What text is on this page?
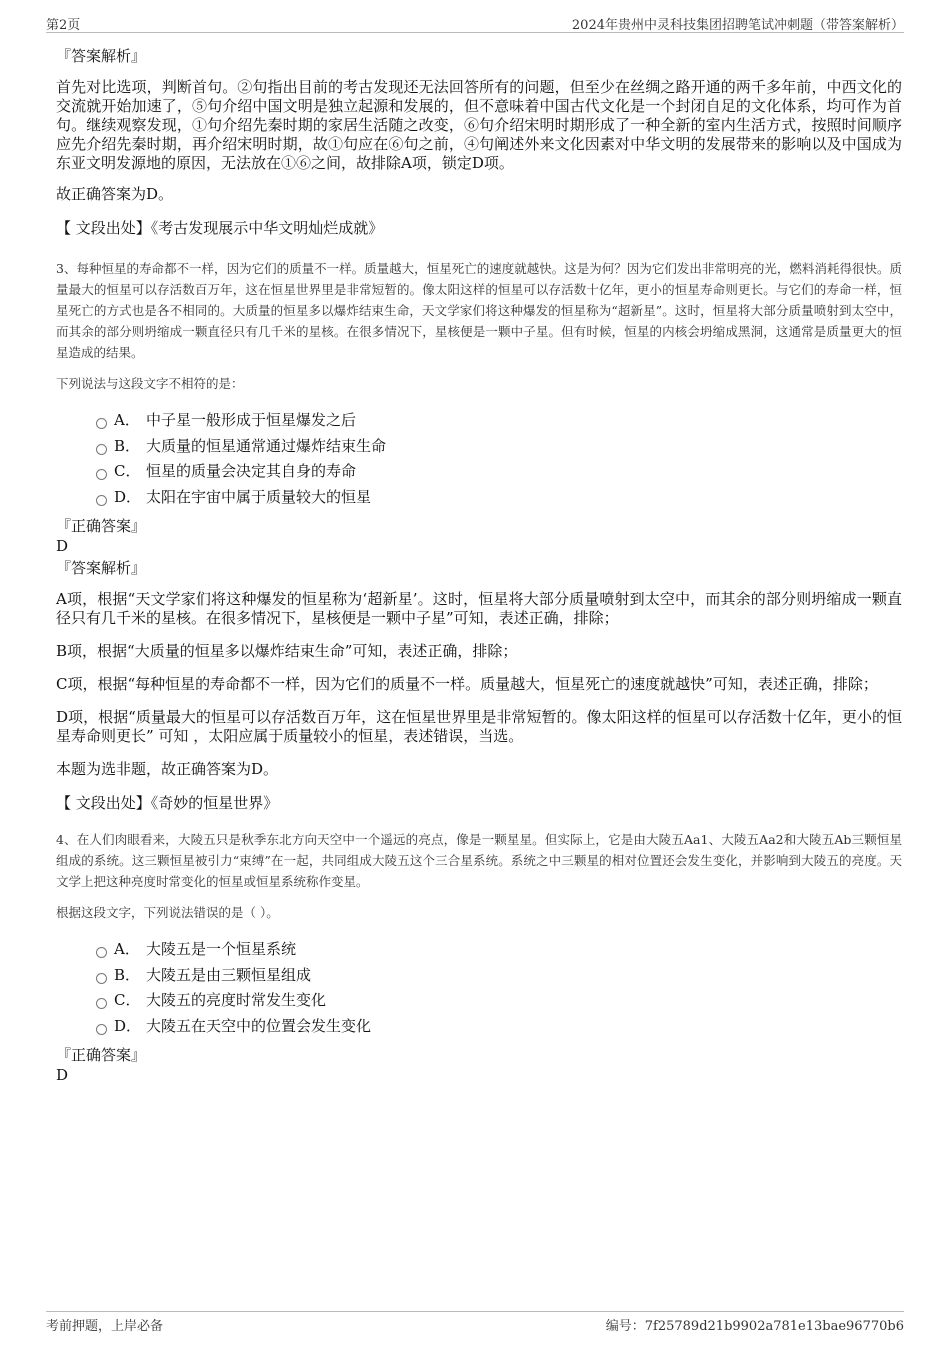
第2页	2024年贵州中灵科技集团招聘笔试冲刺题（带答案解析）

『答案解析』

首先对比选项，判断首句。②句指出目前的考古发现还无法回答所有的问题，但至少在丝绸之路开通的两千多年前，中西文化的交流就开始加速了，⑤句介绍中国文明是独立起源和发展的，但不意味着中国古代文化是一个封闭自足的文化体系，均可作为首句。继续观察发现，①句介绍先秦时期的家居生活随之改变，⑥句介绍宋明时期形成了一种全新的室内生活方式，按照时间顺序应先介绍先秦时期，再介绍宋明时期，故①句应在⑥句之前，④句阐述外来文化因素对中华文明的发展带来的影响以及中国成为东亚文明发源地的原因，无法放在①⑥之间，故排除A项，锁定D项。

故正确答案为D。

【 文段出处】《考古发现展示中华文明灿烂成就》

3、每种恒星的寿命都不一样，因为它们的质量不一样。质量越大，恒星死亡的速度就越快。这是为何？因为它们发出非常明亮的光，燃料消耗得很快。质量最大的恒星可以存活数百万年，这在恒星世界里是非常短暂的。像太阳这样的恒星可以存活数十亿年，更小的恒星寿命则更长。与它们的寿命一样，恒星死亡的方式也是各不相同的。大质量的恒星多以爆炸结束生命，天文学家们将这种爆发的恒星称为“超新星”。这时，恒星将大部分质量喷射到太空中，而其余的部分则坍缩成一颗直径只有几千米的星核。在很多情况下，星核便是一颗中子星。但有时候，恒星的内核会坍缩成黑洞，这通常是质量更大的恒星造成的结果。

下列说法与这段文字不相符的是：

A． 中子星一般形成于恒星爆发之后
B． 大质量的恒星通常通过爆炸结束生命
C． 恒星的质量会决定其自身的寿命
D． 太阳在宇宙中属于质量较大的恒星

『正确答案』

D

『答案解析』

A项，根据“天文学家们将这种爆发的恒星称为‘超新星’。这时，恒星将大部分质量喷射到太空中，而其余的部分则坍缩成一颗直径只有几千米的星核。在很多情况下，星核便是一颗中子星”可知，表述正确，排除；

B项，根据“大质量的恒星多以爆炸结束生命”可知，表述正确，排除；

C项，根据“每种恒星的寿命都不一样，因为它们的质量不一样。质量越大，恒星死亡的速度就越快”可知，表述正确，排除；

D项，根据“质量最大的恒星可以存活数百万年，这在恒星世界里是非常短暂的。像太阳这样的恒星可以存活数十亿年，更小的恒星寿命则更长” 可知 ，太阳应属于质量较小的恒星，表述错误，当选。

本题为选非题，故正确答案为D。

【 文段出处】《奇妙的恒星世界》

4、在人们肉眼看来，大陵五只是秋季东北方向天空中一个遥远的亮点，像是一颗星星。但实际上，它是由大陵五Aa1、大陵五Aa2和大陵五Ab三颗恒星组成的系统。这三颗恒星被引力“束缚”在一起，共同组成大陵五这个三合星系统。系统之中三颗星的相对位置还会发生变化，并影响到大陵五的亮度。天文学上把这种亮度时常变化的恒星或恒星系统称作变星。

根据这段文字，下列说法错误的是（ ）。

A． 大陵五是一个恒星系统
B． 大陵五是由三颗恒星组成
C． 大陵五的亮度时常发生变化
D． 大陵五在天空中的位置会发生变化

『正确答案』

D

考前押题，上岸必备	编号：7f25789d21b9902a781e13bae96770b6
